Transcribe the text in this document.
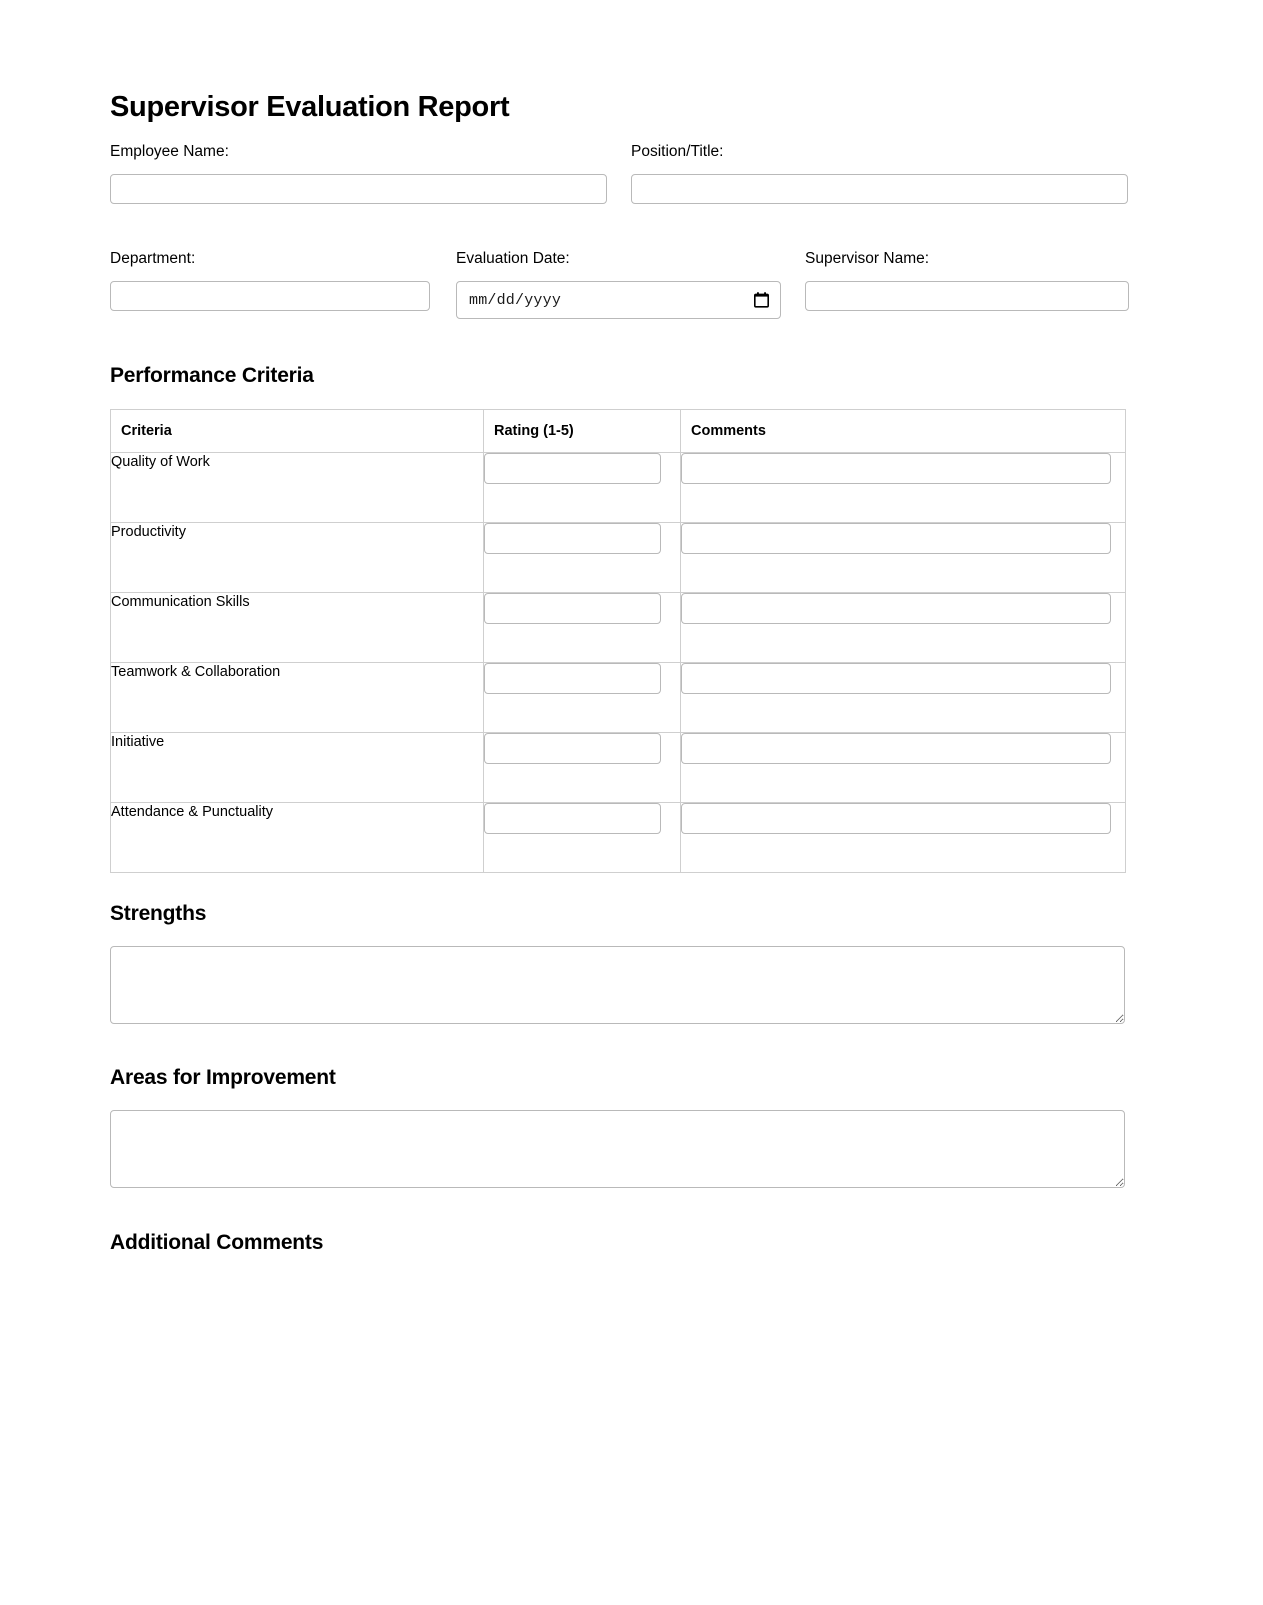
Supervisor Evaluation Report
Employee Name:	Position/Title:
Department:	Evaluation Date:
mm/dd/yyyy
Supervisor Name:
Performance Criteria
Criteria	Rating (1-5)	Comments
Quality of Work		
Productivity		
Communication Skills		
Teamwork & Collaboration		
Initiative		
Attendance & Punctuality		
Strengths
Areas for Improvement
Additional Comments
